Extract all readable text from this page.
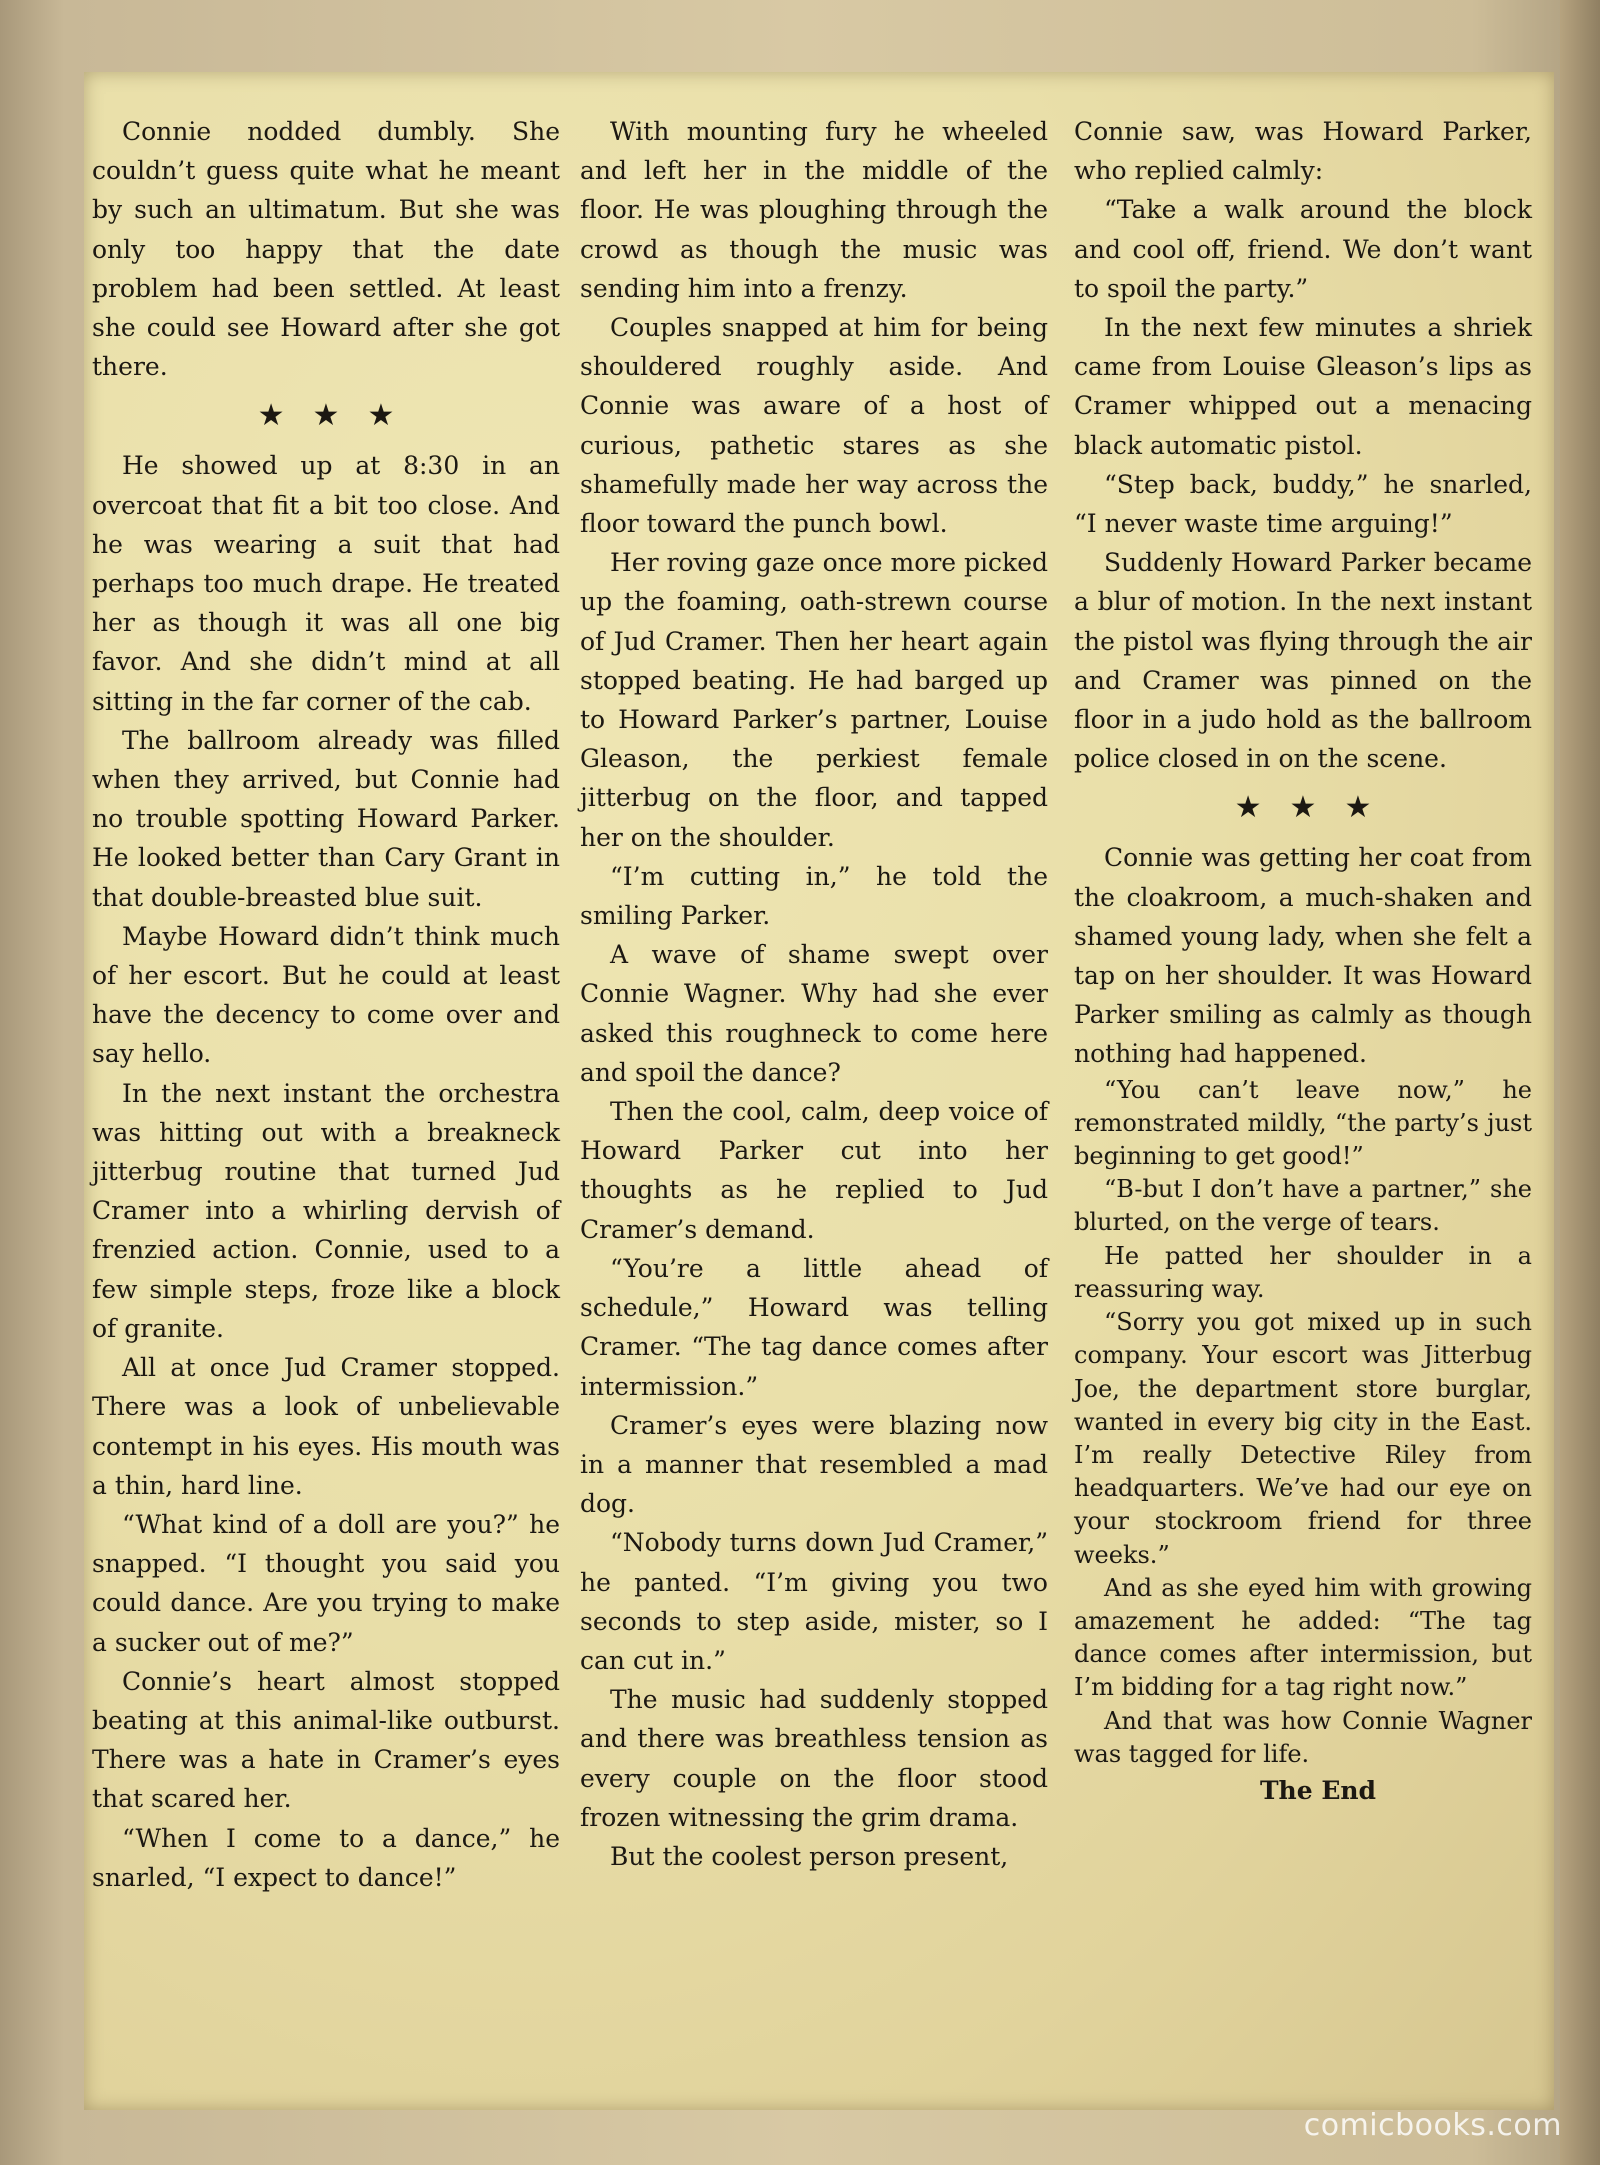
Connie nodded dumbly. She couldn’t guess quite what he meant by such an ultimatum. But she was only too happy that the date problem had been settled. At least she could see Howard after she got there.

★★★

He showed up at 8:30 in an overcoat that fit a bit too close. And he was wearing a suit that had perhaps too much drape. He treated her as though it was all one big favor. And she didn’t mind at all sitting in the far corner of the cab.

The ballroom already was filled when they arrived, but Connie had no trouble spotting Howard Parker. He looked better than Cary Grant in that double-breasted blue suit.

Maybe Howard didn’t think much of her escort. But he could at least have the decency to come over and say hello.

In the next instant the orchestra was hitting out with a breakneck jitterbug routine that turned Jud Cramer into a whirling dervish of frenzied action. Connie, used to a few simple steps, froze like a block of granite.

All at once Jud Cramer stopped. There was a look of unbelievable contempt in his eyes. His mouth was a thin, hard line.

“What kind of a doll are you?” he snapped. “I thought you said you could dance. Are you trying to make a sucker out of me?”

Connie’s heart almost stopped beating at this animal-like outburst. There was a hate in Cramer’s eyes that scared her.

“When I come to a dance,” he snarled, “I expect to dance!”

With mounting fury he wheeled and left her in the middle of the floor. He was ploughing through the crowd as though the music was sending him into a frenzy.

Couples snapped at him for being shouldered roughly aside. And Connie was aware of a host of curious, pathetic stares as she shamefully made her way across the floor toward the punch bowl.

Her roving gaze once more picked up the foaming, oath-strewn course of Jud Cramer. Then her heart again stopped beating. He had barged up to Howard Parker’s partner, Louise Gleason, the perkiest female jitterbug on the floor, and tapped her on the shoulder.

“I’m cutting in,” he told the smiling Parker.

A wave of shame swept over Connie Wagner. Why had she ever asked this roughneck to come here and spoil the dance?

Then the cool, calm, deep voice of Howard Parker cut into her thoughts as he replied to Jud Cramer’s demand.

“You’re a little ahead of schedule,” Howard was telling Cramer. “The tag dance comes after intermission.”

Cramer’s eyes were blazing now in a manner that resembled a mad dog.

“Nobody turns down Jud Cramer,” he panted. “I’m giving you two seconds to step aside, mister, so I can cut in.”

The music had suddenly stopped and there was breathless tension as every couple on the floor stood frozen witnessing the grim drama.

But the coolest person present,

Connie saw, was Howard Parker, who replied calmly:

“Take a walk around the block and cool off, friend. We don’t want to spoil the party.”

In the next few minutes a shriek came from Louise Gleason’s lips as Cramer whipped out a menacing black automatic pistol.

“Step back, buddy,” he snarled, “I never waste time arguing!”

Suddenly Howard Parker became a blur of motion. In the next instant the pistol was flying through the air and Cramer was pinned on the floor in a judo hold as the ballroom police closed in on the scene.

★★★

Connie was getting her coat from the cloakroom, a much-shaken and shamed young lady, when she felt a tap on her shoulder. It was Howard Parker smiling as calmly as though nothing had happened.

“You can’t leave now,” he remonstrated mildly, “the party’s just beginning to get good!”

“B-but I don’t have a partner,” she blurted, on the verge of tears.

He patted her shoulder in a reassuring way.

“Sorry you got mixed up in such company. Your escort was Jitterbug Joe, the department store burglar, wanted in every big city in the East. I’m really Detective Riley from headquarters. We’ve had our eye on your stockroom friend for three weeks.”

And as she eyed him with growing amazement he added: “The tag dance comes after intermission, but I’m bidding for a tag right now.”

And that was how Connie Wagner was tagged for life.

The End

comicbooks.com
